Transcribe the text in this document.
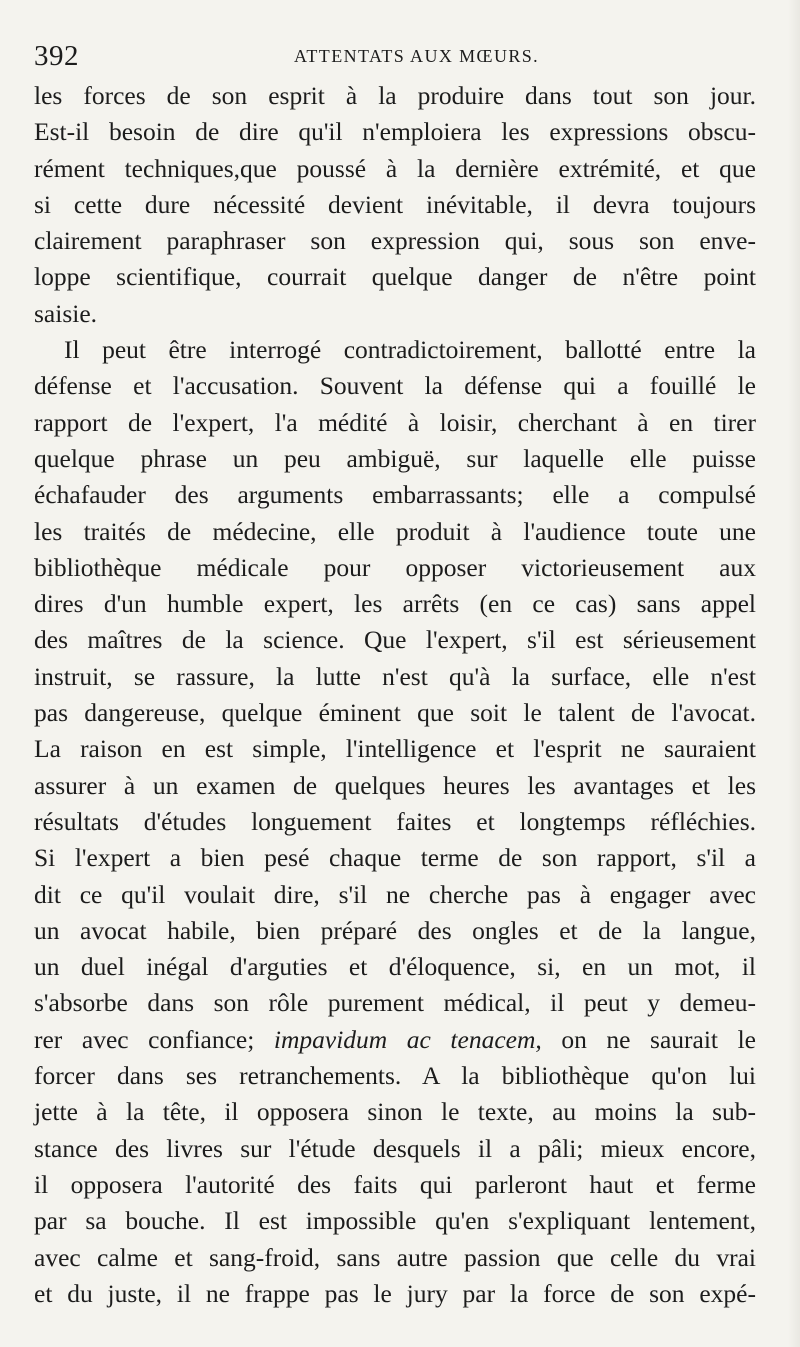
392	ATTENTATS AUX MŒURS.
les forces de son esprit à la produire dans tout son jour.
Est-il besoin de dire qu'il n'emploiera les expressions obscu-
rément techniques,que poussé à la dernière extrémité, et que
si cette dure nécessité devient inévitable, il devra toujours
clairement paraphraser son expression qui, sous son enve-
loppe scientifique, courrait quelque danger de n'être point
saisie.
Il peut être interrogé contradictoirement, ballotté entre la
défense et l'accusation. Souvent la défense qui a fouillé le
rapport de l'expert, l'a médité à loisir, cherchant à en tirer
quelque phrase un peu ambiguë, sur laquelle elle puisse
échafauder des arguments embarrassants; elle a compulsé
les traités de médecine, elle produit à l'audience toute une
bibliothèque médicale pour opposer victorieusement aux
dires d'un humble expert, les arrêts (en ce cas) sans appel
des maîtres de la science. Que l'expert, s'il est sérieusement
instruit, se rassure, la lutte n'est qu'à la surface, elle n'est
pas dangereuse, quelque éminent que soit le talent de l'avocat.
La raison en est simple, l'intelligence et l'esprit ne sauraient
assurer à un examen de quelques heures les avantages et les
résultats d'études longuement faites et longtemps réfléchies.
Si l'expert a bien pesé chaque terme de son rapport, s'il a
dit ce qu'il voulait dire, s'il ne cherche pas à engager avec
un avocat habile, bien préparé des ongles et de la langue,
un duel inégal d'arguties et d'éloquence, si, en un mot, il
s'absorbe dans son rôle purement médical, il peut y demeu-
rer avec confiance; impavidum ac tenacem, on ne saurait le
forcer dans ses retranchements. A la bibliothèque qu'on lui
jette à la tête, il opposera sinon le texte, au moins la sub-
stance des livres sur l'étude desquels il a pâli; mieux encore,
il opposera l'autorité des faits qui parleront haut et ferme
par sa bouche. Il est impossible qu'en s'expliquant lentement,
avec calme et sang-froid, sans autre passion que celle du vrai
et du juste, il ne frappe pas le jury par la force de son expé-
